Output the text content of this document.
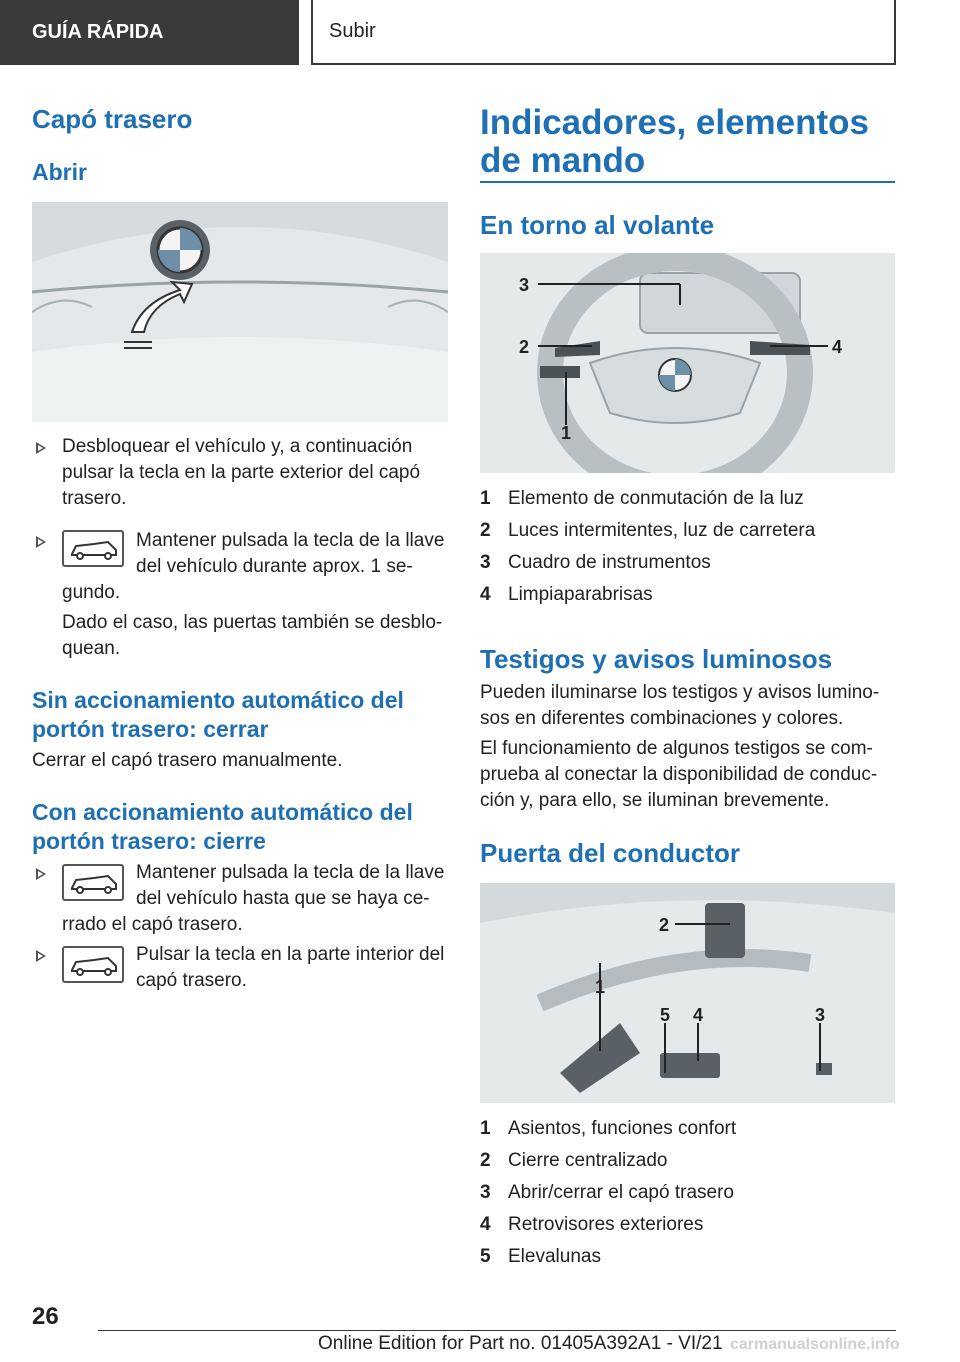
GUÍA RÁPIDA	Subir
Capó trasero
Abrir
Desbloquear el vehículo y, a continuación pulsar la tecla en la parte exterior del capó trasero.
Mantener pulsada la tecla de la llave del vehículo durante aprox. 1 se-
gundo.
Dado el caso, las puertas también se desblo-quean.
Sin accionamiento automático del portón trasero: cerrar

Cerrar el capó trasero manualmente.

Con accionamiento automático del portón trasero: cierre
Mantener pulsada la tecla de la llave del vehículo hasta que se haya ce-
rrado el capó trasero.
Pulsar la tecla en la parte interior del capó trasero.
Indicadores, elementos de mando
En torno al volante
1
2
3
4
1 Elemento de conmutación de la luz
2 Luces intermitentes, luz de carretera
3 Cuadro de instrumentos
4 Limpiaparabrisas
Testigos y avisos luminosos

Pueden iluminarse los testigos y avisos lumino-sos en diferentes combinaciones y colores.

El funcionamiento de algunos testigos se com-prueba al conectar la disponibilidad de conduc-ción y, para ello, se iluminan brevemente.

Puerta del conductor
1
2
3
4
5
1 Asientos, funciones confort
2 Cierre centralizado
3 Abrir/cerrar el capó trasero
4 Retrovisores exteriores
5 Elevalunas
26
Online Edition for Part no. 01405A392A1 - VI/21 carmanualsonline.info
